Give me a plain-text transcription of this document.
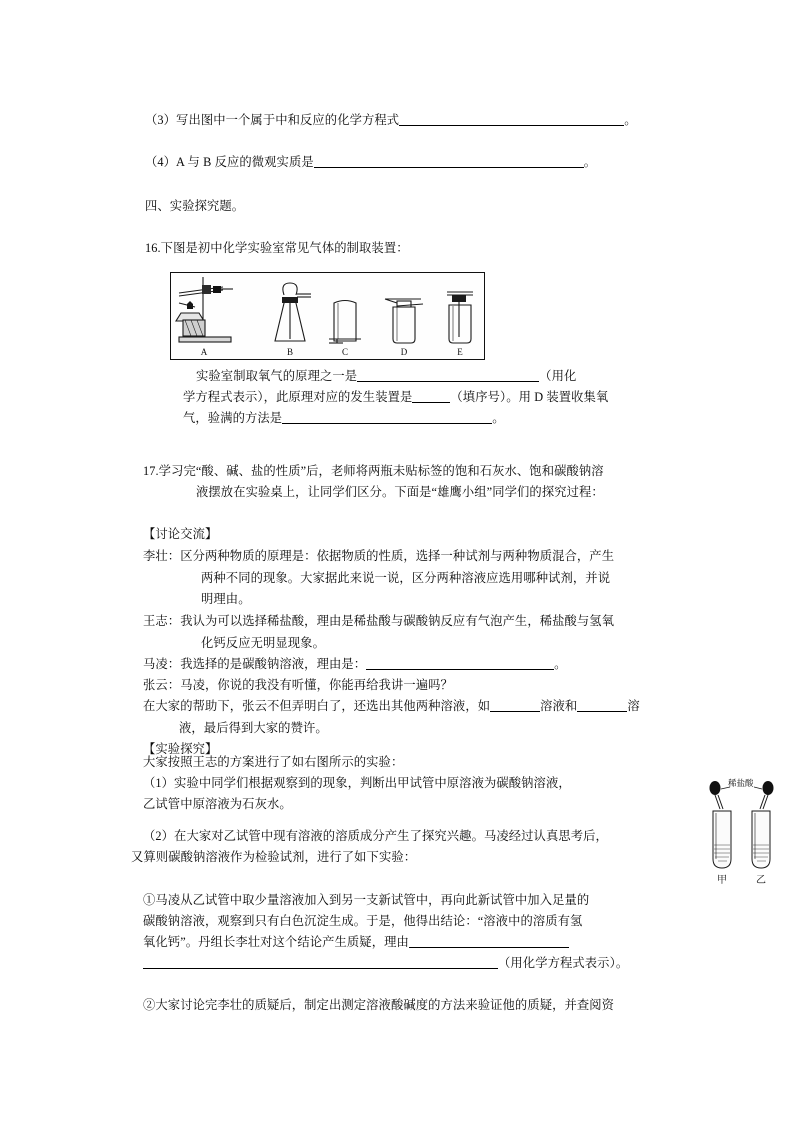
（3）写出图中一个属于中和反应的化学方程式	。
（4）A 与 B 反应的微观实质是	。
四、实验探究题。
16.下图是初中化学实验室常见气体的制取装置：
A	B	C	D	E
实验室制取氧气的原理之一是	（用化
学方程式表示），此原理对应的发生装置是	（填序号）。用 D 装置收集氧
气，验满的方法是	。
17.学习完“酸、碱、盐的性质”后，老师将两瓶未贴标签的饱和石灰水、饱和碳酸钠溶
液摆放在实验桌上，让同学们区分。下面是“雄鹰小组”同学们的探究过程：
【讨论交流】
李壮：区分两种物质的原理是：依据物质的性质，选择一种试剂与两种物质混合，产生
两种不同的现象。大家据此来说一说，区分两种溶液应选用哪种试剂，并说
明理由。
王志：我认为可以选择稀盐酸，理由是稀盐酸与碳酸钠反应有气泡产生，稀盐酸与氢氧
化钙反应无明显现象。
马凌：我选择的是碳酸钠溶液，理由是：	。
张云：马凌，你说的我没有听懂，你能再给我讲一遍吗？
在大家的帮助下，张云不但弄明白了，还选出其他两种溶液，如	溶液和	溶
液，最后得到大家的赞许。
【实验探究】
大家按照王志的方案进行了如右图所示的实验：
（1）实验中同学们根据观察到的现象，判断出甲试管中原溶液为碳酸钠溶液，
乙试管中原溶液为石灰水。
稀盐酸
甲	乙
（2）在大家对乙试管中现有溶液的溶质成分产生了探究兴趣。马凌经过认真思考后，
又算则碳酸钠溶液作为检验试剂，进行了如下实验：
①马凌从乙试管中取少量溶液加入到另一支新试管中，再向此新试管中加入足量的
碳酸钠溶液，观察到只有白色沉淀生成。于是，他得出结论：“溶液中的溶质有氢
氧化钙”。丹组长李壮对这个结论产生质疑，理由
（用化学方程式表示）。
②大家讨论完李壮的质疑后，制定出测定溶液酸碱度的方法来验证他的质疑，并查阅资
